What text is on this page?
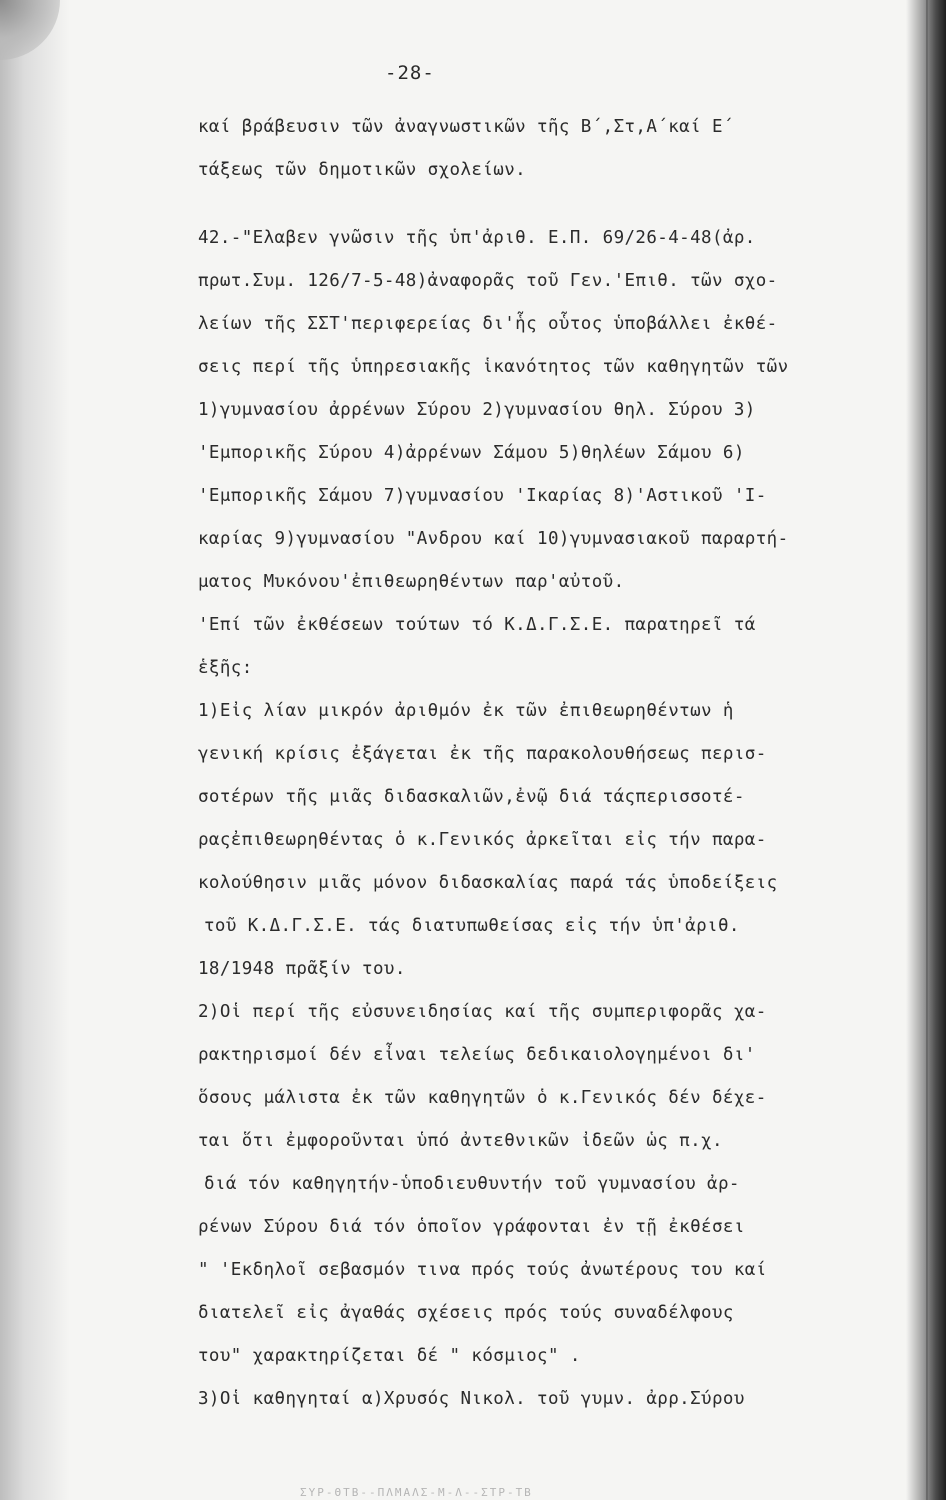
-28-
καί βράβευσιν τῶν ἀναγνωστικῶν τῆς Β΄,Στ,Α΄καί Ε΄
τάξεως τῶν δημοτικῶν σχολείων.
42.-"Ελαβεν γνῶσιν τῆς ὑπ'ἀριθ. Ε.Π. 69/26-4-48(ἀρ.
πρωτ.Συμ. 126/7-5-48)ἀναφορᾶς τοῦ Γεν.'Επιθ. τῶν σχο-
λείων τῆς ΣΣΤ'περιφερείας δι'ἧς οὗτος ὑποβάλλει ἐκθέ-
σεις περί τῆς ὑπηρεσιακῆς ἱκανότητος τῶν καθηγητῶν τῶν
1)γυμνασίου ἀρρένων Σύρου 2)γυμνασίου θηλ. Σύρου 3)
'Εμπορικῆς Σύρου 4)ἀρρένων Σάμου 5)θηλέων Σάμου 6)
'Εμπορικῆς Σάμου 7)γυμνασίου 'Ικαρίας 8)'Αστικοῦ 'Ι-
καρίας 9)γυμνασίου "Ανδρου καί 10)γυμνασιακοῦ παραρτή-
ματος Μυκόνου'ἐπιθεωρηθέντων παρ'αὐτοῦ.
'Επί τῶν ἐκθέσεων τούτων τό Κ.Δ.Γ.Σ.Ε. παρατηρεῖ τά
ἑξῆς:
1)Εἰς λίαν μικρόν ἀριθμόν ἐκ τῶν ἐπιθεωρηθέντων ἡ
γενική κρίσις ἐξάγεται ἐκ τῆς παρακολουθήσεως περισ-
σοτέρων τῆς μιᾶς διδασκαλιῶν,ἐνῷ διά τάςπερισσοτέ-
ραςἐπιθεωρηθέντας ὁ κ.Γενικός ἀρκεῖται εἰς τήν παρα-
κολούθησιν μιᾶς μόνον διδασκαλίας παρά τάς ὑποδείξεις
τοῦ Κ.Δ.Γ.Σ.Ε. τάς διατυπωθείσας εἰς τήν ὑπ'ἀριθ.
18/1948 πρᾶξίν του.
2)Οἱ περί τῆς εὐσυνειδησίας καί τῆς συμπεριφορᾶς χα-
ρακτηρισμοί δέν εἶναι τελείως δεδικαιολογημένοι δι'
ὅσους μάλιστα ἐκ τῶν καθηγητῶν ὁ κ.Γενικός δέν δέχε-
ται ὅτι ἐμφοροῦνται ὑπό ἀντεθνικῶν ἰδεῶν ὡς π.χ.
διά τόν καθηγητήν-ὑποδιευθυντήν τοῦ γυμνασίου ἀρ-
ρένων Σύρου διά τόν ὁποῖον γράφονται ἐν τῇ ἐκθέσει
" 'Εκδηλοῖ σεβασμόν τινα πρός τούς ἀνωτέρους του καί
διατελεῖ εἰς ἀγαθάς σχέσεις πρός τούς συναδέλφους
του" χαρακτηρίζεται δέ " κόσμιος" .
3)Οἱ καθηγηταί α)Χρυσός Νικολ. τοῦ γυμν. ἀρρ.Σύρου
ΣΥΡ-ΘΤΒ--ΠΛΜΑΛΣ-Μ-Λ--ΣΤΡ-ΤΒ
